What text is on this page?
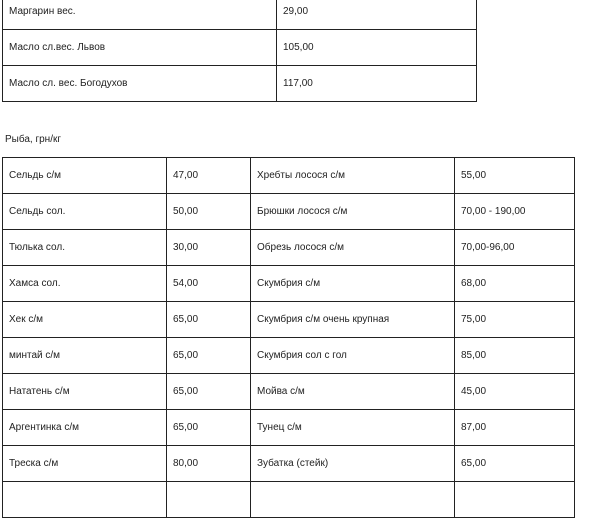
Маргарин вес.	29,00
Масло сл.вес. Львов	105,00
Масло сл. вес. Богодухов	117,00

Рыба, грн/кг

Сельдь с/м	47,00	Хребты лосося с/м	55,00
Сельдь сол.	50,00	Брюшки лосося с/м	70,00 - 190,00
Тюлька сол.	30,00	Обрезь лосося с/м	70,00-96,00
Хамса сол.	54,00	Скумбрия с/м	68,00
Хек с/м	65,00	Скумбрия с/м очень крупная	75,00
минтай с/м	65,00	Скумбрия сол с гол	85,00
Нататень с/м	65,00	Мойва с/м	45,00
Аргентинка с/м	65,00	Тунец с/м	87,00
Треска с/м	80,00	Зубатка (стейк)	65,00
